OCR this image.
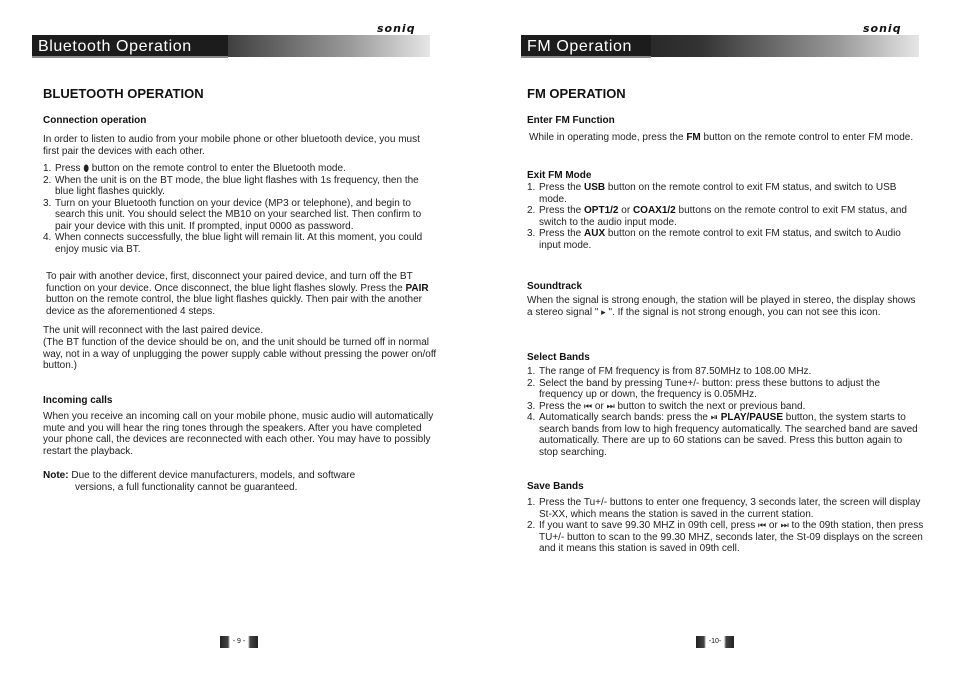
soniq
Bluetooth Operation
BLUETOOTH OPERATION
Connection operation
In order to listen to audio from your mobile phone or other bluetooth device, you must first pair the devices with each other.
1. Press ⬮ button on the remote control to enter the Bluetooth mode.
2. When the unit is on the BT mode, the blue light flashes with 1s frequency, then the blue light flashes quickly.
3. Turn on your Bluetooth function on your device (MP3 or telephone), and begin to search this unit. You should select the MB10 on your searched list. Then confirm to pair your device with this unit. If prompted, input 0000 as password.
4. When connects successfully, the blue light will remain lit. At this moment, you could enjoy music via BT.
To pair with another device, first, disconnect your paired device, and turn off the BT function on your device. Once disconnect, the blue light flashes slowly. Press the PAIR button on the remote control, the blue light flashes quickly. Then pair with the another device as the aforementioned 4 steps.
The unit will reconnect with the last paired device.
(The BT function of the device should be on, and the unit should be turned off in normal way, not in a way of unplugging the power supply cable without pressing the power on/off button.)
Incoming calls
When you receive an incoming call on your mobile phone, music audio will automatically mute and you will hear the ring tones through the speakers. After you have completed your phone call, the devices are reconnected with each other. You may have to possibly restart the playback.
Note: Due to the different device manufacturers, models, and software
versions, a full functionality cannot be guaranteed.
- 9 -
soniq
FM Operation
FM OPERATION
Enter FM Function
While in operating mode, press the FM button on the remote control to enter FM mode.
Exit FM Mode
1. Press the USB button on the remote control to exit FM status, and switch to USB mode.
2. Press the OPT1/2 or COAX1/2 buttons on the remote control to exit FM status, and switch to the audio input mode.
3. Press the AUX button on the remote control to exit FM status, and switch to Audio input mode.
Soundtrack
When the signal is strong enough, the station will be played in stereo, the display shows a stereo signal " ▸ ". If the signal is not strong enough, you can not see this icon.
Select Bands
1. The range of FM frequency is from 87.50MHz to 108.00 MHz.
2. Select the band by pressing Tune+/- button: press these buttons to adjust the frequency up or down, the frequency is 0.05MHz.
3. Press the ⏮ or ⏭ button to switch the next or previous band.
4. Automatically search bands: press the ⏯ PLAY/PAUSE button, the system starts to search bands from low to high frequency automatically. The searched band are saved automatically. There are up to 60 stations can be saved. Press this button again to stop searching.
Save Bands
1. Press the Tu+/- buttons to enter one frequency, 3 seconds later, the screen will display St-XX, which means the station is saved in the current station.
2. If you want to save 99.30 MHZ in 09th cell, press ⏮ or ⏭ to the 09th station, then press TU+/- button to scan to the 99.30 MHZ, seconds later, the St-09 displays on the screen and it means this station is saved in 09th cell.
-10-
